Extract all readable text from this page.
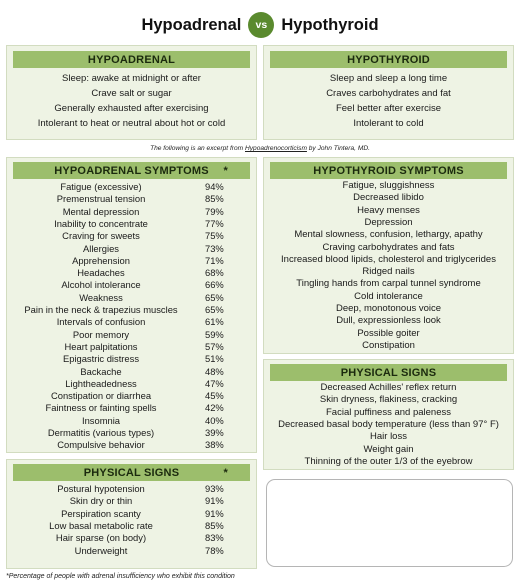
Hypoadrenal	vs Hypothyroid
HYPOADRENAL
Sleep: awake at midnight or after
Crave salt or sugar
Generally exhausted after exercising
Intolerant to heat or neutral about hot or cold
HYPOTHYROID
Sleep and sleep a long time
Craves carbohydrates and fat
Feel better after exercise
Intolerant to cold
The following is an excerpt from Hypoadrenocorticism by John Tintera, MD.
HYPOADRENAL SYMPTOMS *
Fatigue (excessive)	94%
Premenstrual tension	85%
Mental depression	79%
Inability to concentrate	77%
Craving for sweets	75%
Allergies	73%
Apprehension	71%
Headaches	68%
Alcohol intolerance	66%
Weakness	65%
Pain in the neck & trapezius muscles	65%
Intervals of confusion	61%
Poor memory	59%
Heart palpitations	57%
Epigastric distress	51%
Backache	48%
Lightheadedness	47%
Constipation or diarrhea	45%
Faintness or fainting spells	42%
Insomnia	40%
Dermatitis (various types)	39%
Compulsive behavior	38%
PHYSICAL SIGNS	*
Postural hypotension	93%
Skin dry or thin	91%
Perspiration scanty	91%
Low basal metabolic rate	85%
Hair sparse (on body)	83%
Underweight	78%
HYPOTHYROID SYMPTOMS
Fatigue, sluggishness
Decreased libido
Heavy menses
Depression
Mental slowness, confusion, lethargy, apathy
Craving carbohydrates and fats
Increased blood lipids, cholesterol and triglycerides
Ridged nails
Tingling hands from carpal tunnel syndrome
Cold intolerance
Deep, monotonous voice
Dull, expressionless look
Possible goiter
Constipation
PHYSICAL SIGNS
Decreased Achilles' reflex return
Skin dryness, flakiness, cracking
Facial puffiness and paleness
Decreased basal body temperature (less than 97° F)
Hair loss
Weight gain
Thinning of the outer 1/3 of the eyebrow
*Percentage of people with adrenal insufficiency who exhibit this condition
